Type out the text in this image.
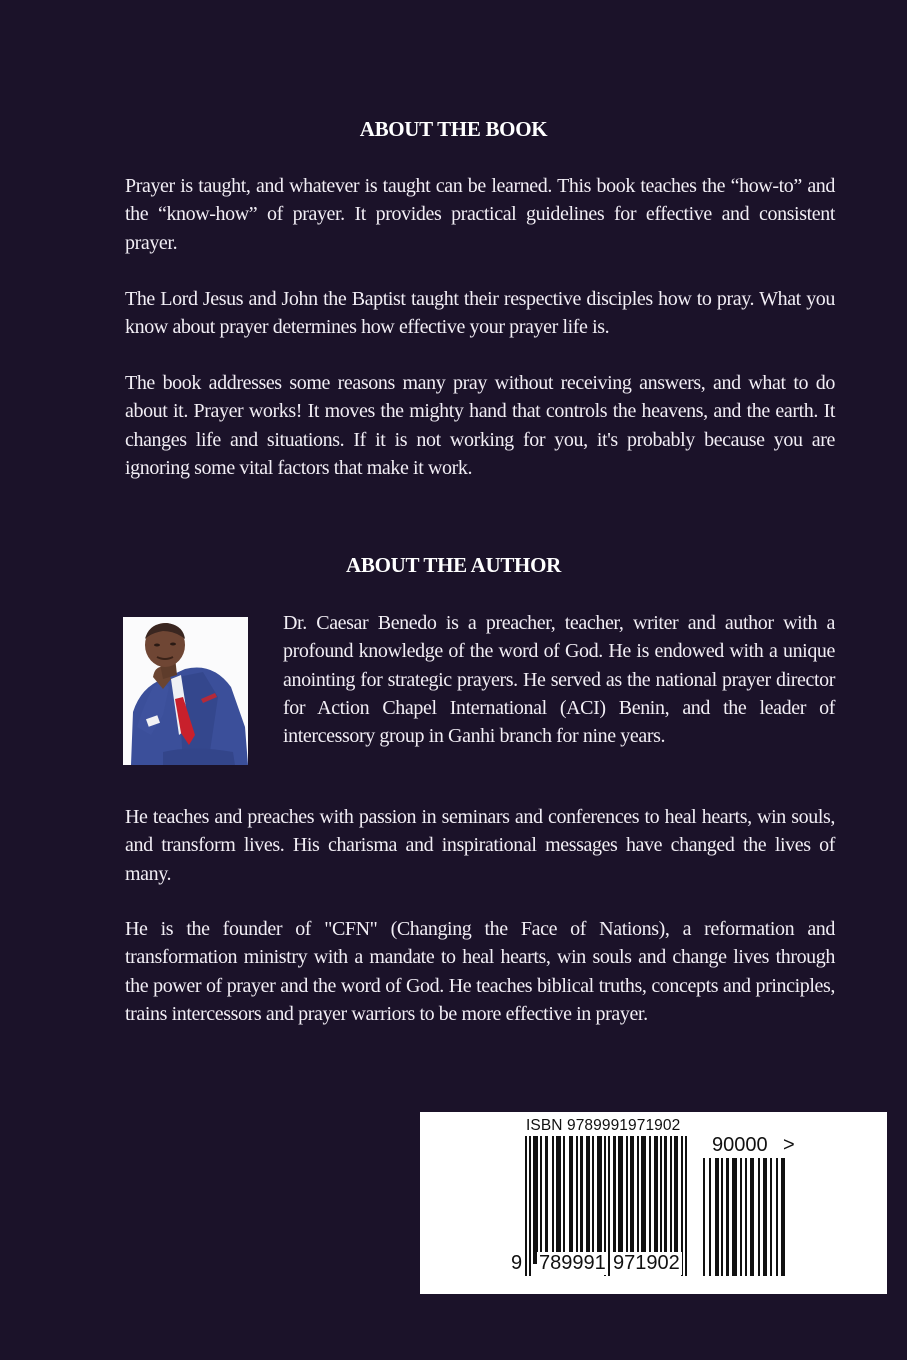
ABOUT THE BOOK

Prayer is taught, and whatever is taught can be learned. This book teaches the “how-to” and the “know-how” of prayer. It provides practical guidelines for effective and consistent prayer.

The Lord Jesus and John the Baptist taught their respective disciples how to pray. What you know about prayer determines how effective your prayer life is.

The book addresses some reasons many pray without receiving answers, and what to do about it. Prayer works! It moves the mighty hand that controls the heavens, and the earth. It changes life and situations. If it is not working for you, it's probably because you are ignoring some vital factors that make it work.

ABOUT THE AUTHOR

Dr. Caesar Benedo is a preacher, teacher, writer and author with a profound knowledge of the word of God. He is endowed with a unique anointing for strategic prayers. He served as the national prayer director for Action Chapel International (ACI) Benin, and the leader of intercessory group in Ganhi branch for nine years.

He teaches and preaches with passion in seminars and conferences to heal hearts, win souls, and transform lives. His charisma and inspirational messages have changed the lives of many.

He is the founder of "CFN" (Changing the Face of Nations), a reformation and transformation ministry with a mandate to heal hearts, win souls and change lives through the power of prayer and the word of God. He teaches biblical truths, concepts and principles, trains intercessors and prayer warriors to be more effective in prayer.

ISBN 9789991971902
90000 >
9 789991 971902
